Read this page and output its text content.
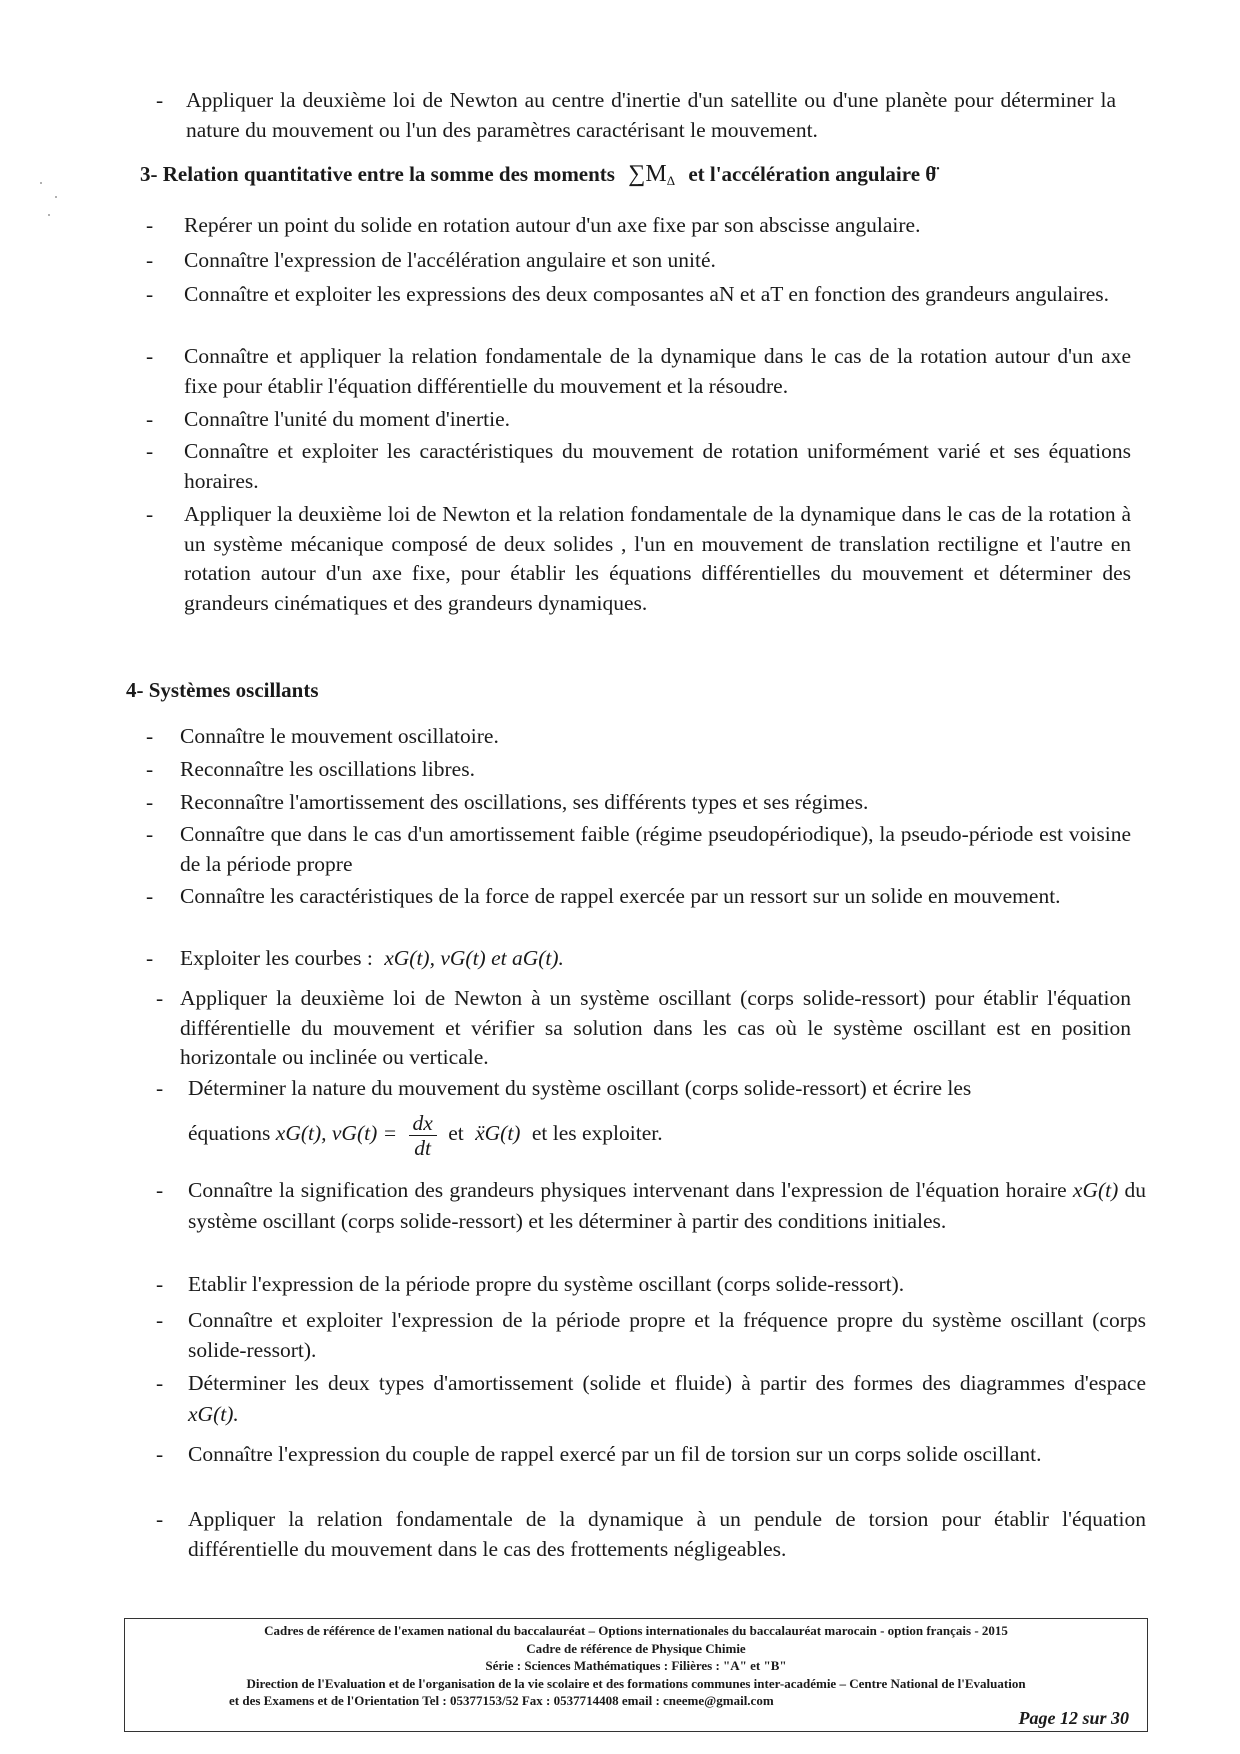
- Appliquer la deuxième loi de Newton au centre d'inertie d'un satellite ou d'une planète pour déterminer la nature du mouvement ou l'un des paramètres caractérisant le mouvement.
3- Relation quantitative entre la somme des moments $\sum M_\Delta$ et l'accélération angulaire θ̈
- Repérer un point du solide en rotation autour d'un axe fixe par son abscisse angulaire.
- Connaître l'expression de l'accélération angulaire et son unité.
- Connaître et exploiter les expressions des deux composantes aN et aT en fonction des grandeurs angulaires.
- Connaître et appliquer la relation fondamentale de la dynamique dans le cas de la rotation autour d'un axe fixe pour établir l'équation différentielle du mouvement et la résoudre.
- Connaître l'unité du moment d'inertie.
- Connaître et exploiter les caractéristiques du mouvement de rotation uniformément varié et ses équations horaires.
- Appliquer la deuxième loi de Newton et la relation fondamentale de la dynamique dans le cas de la rotation à un système mécanique composé de deux solides , l'un en mouvement de translation rectiligne et l'autre en rotation autour d'un axe fixe, pour établir les équations différentielles du mouvement et déterminer des grandeurs cinématiques et des grandeurs dynamiques.
4- Systèmes oscillants
- Connaître le mouvement oscillatoire.
- Reconnaître les oscillations libres.
- Reconnaître l'amortissement des oscillations, ses différents types et ses régimes.
- Connaître que dans le cas d'un amortissement faible (régime pseudopériodique), la pseudo-période est voisine de la période propre
- Connaître les caractéristiques de la force de rappel exercée par un ressort sur un solide en mouvement.
- Exploiter les courbes : xG(t), vG(t) et aG(t).
- Appliquer la deuxième loi de Newton à un système oscillant (corps solide-ressort) pour établir l'équation différentielle du mouvement et vérifier sa solution dans les cas où le système oscillant est en position horizontale ou inclinée ou verticale.
- Déterminer la nature du mouvement du système oscillant (corps solide-ressort) et écrire les
équations xG(t), $vG(t) = \frac{dx}{dt}$ et ẍG(t) et les exploiter.
- Connaître la signification des grandeurs physiques intervenant dans l'expression de l'équation horaire xG(t) du système oscillant (corps solide-ressort) et les déterminer à partir des conditions initiales.
- Etablir l'expression de la période propre du système oscillant (corps solide-ressort).
- Connaître et exploiter l'expression de la période propre et la fréquence propre du système oscillant (corps solide-ressort).
- Déterminer les deux types d'amortissement (solide et fluide) à partir des formes des diagrammes d'espace xG(t).
- Connaître l'expression du couple de rappel exercé par un fil de torsion sur un corps solide oscillant.
- Appliquer la relation fondamentale de la dynamique à un pendule de torsion pour établir l'équation différentielle du mouvement dans le cas des frottements négligeables.
Cadres de référence de l'examen national du baccalauréat – Options internationales du baccalauréat marocain - option français - 2015
Cadre de référence de Physique Chimie
Série : Sciences Mathématiques : Filières : "A" et "B"
Direction de l'Evaluation et de l'organisation de la vie scolaire et des formations communes inter-académie – Centre National de l'Evaluation
et des Examens et de l'Orientation Tel : 05377153/52 Fax : 0537714408 email : cneeme@gmail.com
Page 12 sur 30
